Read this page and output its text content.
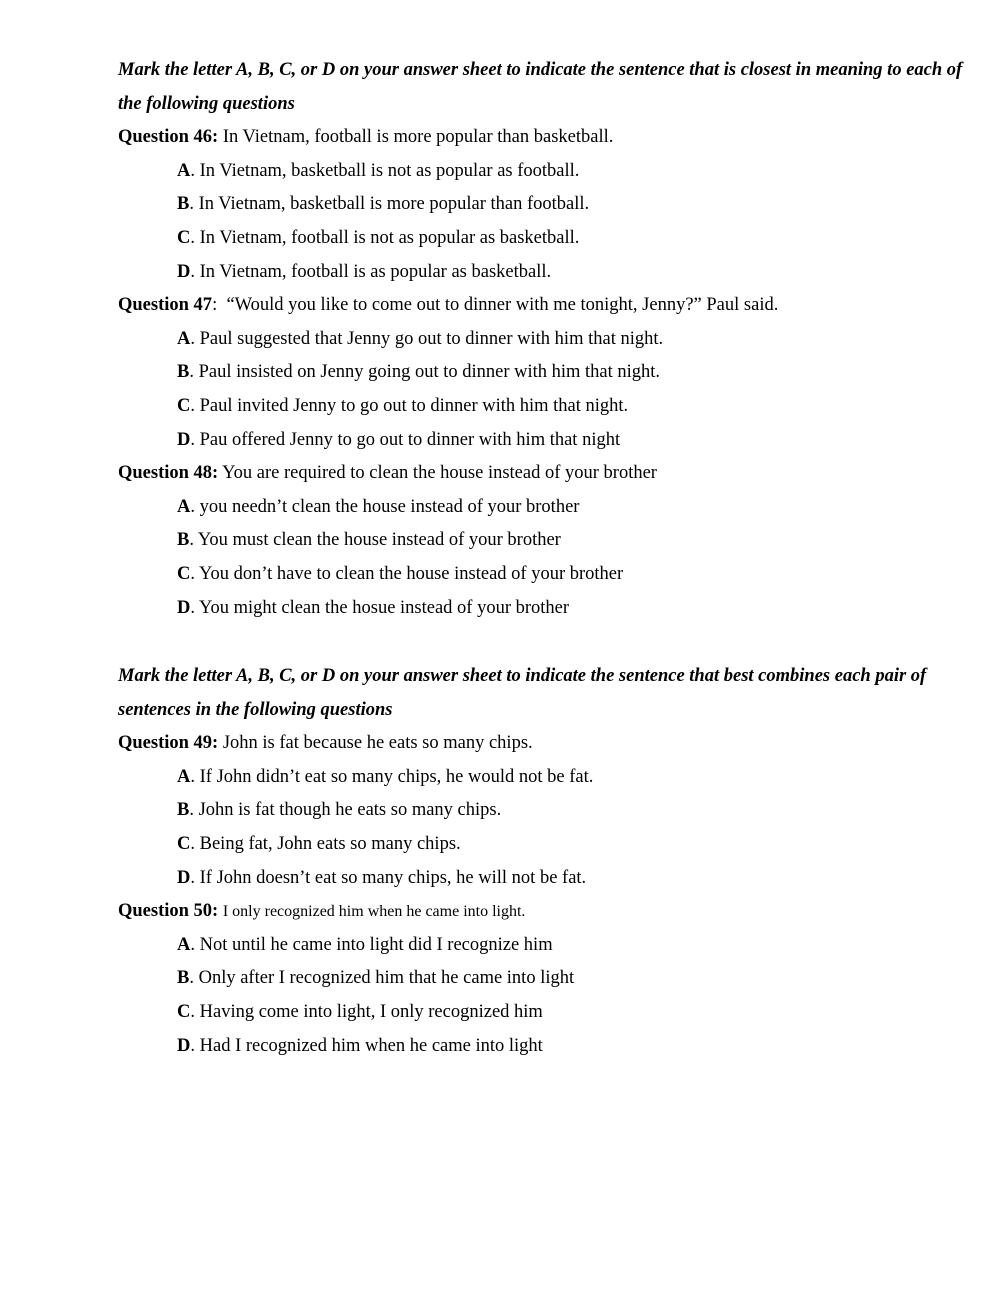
Mark the letter A, B, C, or D on your answer sheet to indicate the sentence that is closest in meaning to each of the following questions

Question 46: In Vietnam, football is more popular than basketball.

A. In Vietnam, basketball is not as popular as football.

B. In Vietnam, basketball is more popular than football.

C. In Vietnam, football is not as popular as basketball.

D. In Vietnam, football is as popular as basketball.

Question 47:  “Would you like to come out to dinner with me tonight, Jenny?” Paul said.

A. Paul suggested that Jenny go out to dinner with him that night.

B. Paul insisted on Jenny going out to dinner with him that night.

C. Paul invited Jenny to go out to dinner with him that night.

D. Pau offered Jenny to go out to dinner with him that night

Question 48: You are required to clean the house instead of your brother

A. you needn’t clean the house instead of your brother

B. You must clean the house instead of your brother

C. You don’t have to clean the house instead of your brother

D. You might clean the hosue instead of your brother

Mark the letter A, B, C, or D on your answer sheet to indicate the sentence that best combines each pair of sentences in the following questions

Question 49: John is fat because he eats so many chips.

A. If John didn’t eat so many chips, he would not be fat.

B. John is fat though he eats so many chips.

C. Being fat, John eats so many chips.

D. If John doesn’t eat so many chips, he will not be fat.

Question 50: I only recognized him when he came into light.

A. Not until he came into light did I recognize him

B. Only after I recognized him that he came into light

C. Having come into light, I only recognized him

D. Had I recognized him when he came into light
